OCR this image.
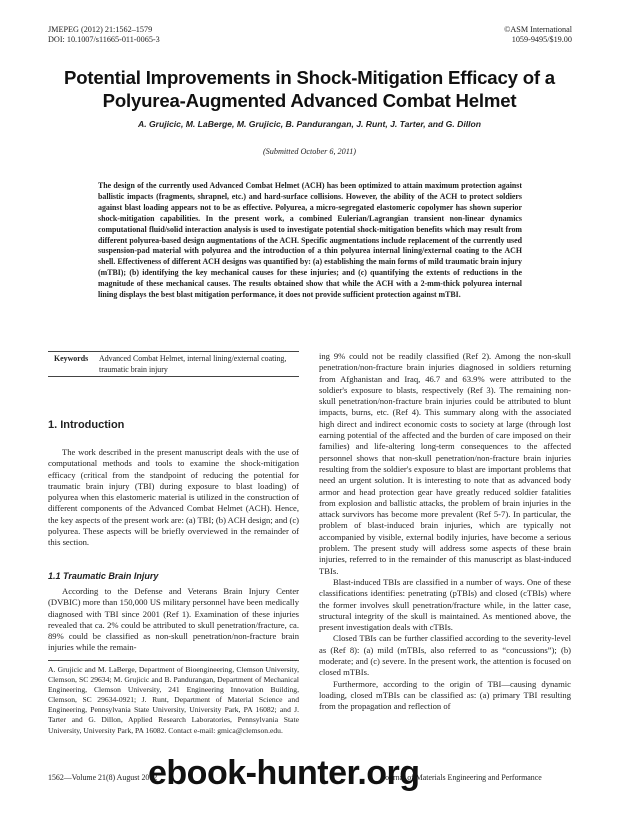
JMEPEG (2012) 21:1562–1579
DOI: 10.1007/s11665-011-0065-3
©ASM International
1059-9495/$19.00
Potential Improvements in Shock-Mitigation Efficacy of a Polyurea-Augmented Advanced Combat Helmet
A. Grujicic, M. LaBerge, M. Grujicic, B. Pandurangan, J. Runt, J. Tarter, and G. Dillon
(Submitted October 6, 2011)
The design of the currently used Advanced Combat Helmet (ACH) has been optimized to attain maximum protection against ballistic impacts (fragments, shrapnel, etc.) and hard-surface collisions. However, the ability of the ACH to protect soldiers against blast loading appears not to be as effective. Polyurea, a micro-segregated elastomeric copolymer has shown superior shock-mitigation capabilities. In the present work, a combined Eulerian/Lagrangian transient non-linear dynamics computational fluid/solid interaction analysis is used to investigate potential shock-mitigation benefits which may result from different polyurea-based design augmentations of the ACH. Specific augmentations include replacement of the currently used suspension-pad material with polyurea and the introduction of a thin polyurea internal lining/external coating to the ACH shell. Effectiveness of different ACH designs was quantified by: (a) establishing the main forms of mild traumatic brain injury (mTBI); (b) identifying the key mechanical causes for these injuries; and (c) quantifying the extents of reductions in the magnitude of these mechanical causes. The results obtained show that while the ACH with a 2-mm-thick polyurea internal lining displays the best blast mitigation performance, it does not provide sufficient protection against mTBI.
Keywords	Advanced Combat Helmet, internal lining/external coating, traumatic brain injury
1. Introduction

The work described in the present manuscript deals with the use of computational methods and tools to examine the shock-mitigation efficacy (critical from the standpoint of reducing the potential for traumatic brain injury (TBI) during exposure to blast loading) of polyurea when this elastomeric material is utilized in the construction of different components of the Advanced Combat Helmet (ACH). Hence, the key aspects of the present work are: (a) TBI; (b) ACH design; and (c) polyurea. These aspects will be briefly overviewed in the remainder of this section.

1.1 Traumatic Brain Injury

According to the Defense and Veterans Brain Injury Center (DVBIC) more than 150,000 US military personnel have been medically diagnosed with TBI since 2001 (Ref 1). Examination of these injuries revealed that ca. 2% could be attributed to skull penetration/fracture, ca. 89% could be classified as non-skull penetration/non-fracture brain injuries while the remain-

ing 9% could not be readily classified (Ref 2). Among the non-skull penetration/non-fracture brain injuries diagnosed in soldiers returning from Afghanistan and Iraq, 46.7 and 63.9% were attributed to the soldier's exposure to blasts, respectively (Ref 3). The remaining non-skull penetration/non-fracture brain injuries could be attributed to blunt impacts, burns, etc. (Ref 4). This summary along with the associated high direct and indirect economic costs to society at large (through lost earning potential of the affected and the burden of care imposed on their families) and life-altering long-term consequences to the affected personnel shows that non-skull penetration/non-fracture brain injuries resulting from the soldier's exposure to blast are important problems that need an urgent solution. It is interesting to note that as advanced body armor and head protection gear have greatly reduced soldier fatalities from explosion and ballistic attacks, the problem of brain injuries in the attack survivors has become more prevalent (Ref 5-7). In particular, the problem of blast-induced brain injuries, which are typically not accompanied by visible, external bodily injuries, have become a serious problem. The present study will address some aspects of these brain injuries, referred to in the remainder of this manuscript as blast-induced TBIs.

Blast-induced TBIs are classified in a number of ways. One of these classifications identifies: penetrating (pTBIs) and closed (cTBIs) where the former involves skull penetration/fracture while, in the latter case, structural integrity of the skull is maintained. As mentioned above, the present investigation deals with cTBIs.

Closed TBIs can be further classified according to the severity-level as (Ref 8): (a) mild (mTBIs, also referred to as “concussions”); (b) moderate; and (c) severe. In the present work, the attention is focused on closed mTBIs.

Furthermore, according to the origin of TBI—causing dynamic loading, closed mTBIs can be classified as: (a) primary TBI resulting from the propagation and reflection of

A. Grujicic and M. LaBerge, Department of Bioengineering, Clemson University, Clemson, SC 29634; M. Grujicic and B. Pandurangan, Department of Mechanical Engineering, Clemson University, 241 Engineering Innovation Building, Clemson, SC 29634-0921; J. Runt, Department of Material Science and Engineering, Pennsylvania State University, University Park, PA 16082; and J. Tarter and G. Dillon, Applied Research Laboratories, Pennsylvania State University, University Park, PA 16082. Contact e-mail: gmica@clemson.edu.
1562—Volume 21(8) August 2012	Journal of Materials Engineering and Performance
ebook-hunter.org
